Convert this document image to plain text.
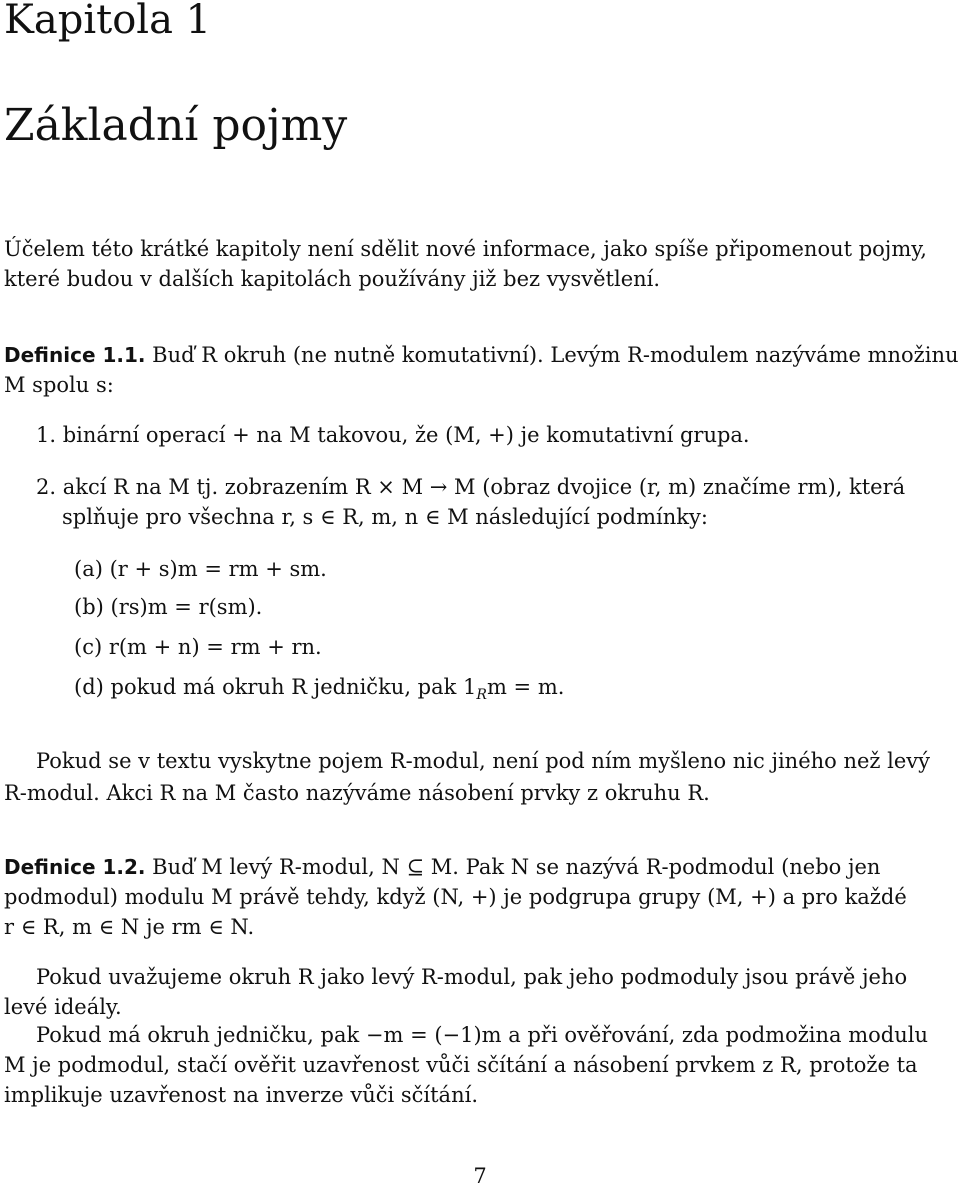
Kapitola 1
Základní pojmy
Účelem této krátké kapitoly není sdělit nové informace, jako spíše připomenout pojmy,
které budou v dalších kapitolách používány již bez vysvětlení.
Definice 1.1. Buď R okruh (ne nutně komutativní). Levým R-modulem nazýváme množinu
M spolu s:
1. binární operací + na M takovou, že (M, +) je komutativní grupa.
2. akcí R na M tj. zobrazením R × M → M (obraz dvojice (r, m) značíme rm), která
splňuje pro všechna r, s ∈ R, m, n ∈ M následující podmínky:
(a) (r + s)m = rm + sm.
(b) (rs)m = r(sm).
(c) r(m + n) = rm + rn.
(d) pokud má okruh R jedničku, pak $1_Rm = m$.
Pokud se v textu vyskytne pojem R-modul, není pod ním myšleno nic jiného než levý
R-modul. Akci R na M často nazýváme násobení prvky z okruhu R.
Definice 1.2. Buď M levý R-modul, N ⊆ M. Pak N se nazývá R-podmodul (nebo jen
podmodul) modulu M právě tehdy, když (N, +) je podgrupa grupy (M, +) a pro každé
r ∈ R, m ∈ N je rm ∈ N.
Pokud uvažujeme okruh R jako levý R-modul, pak jeho podmoduly jsou právě jeho
levé ideály.
Pokud má okruh jedničku, pak −m = (−1)m a při ověřování, zda podmožina modulu
M je podmodul, stačí ověřit uzavřenost vůči sčítání a násobení prvkem z R, protože ta
implikuje uzavřenost na inverze vůči sčítání.
7
